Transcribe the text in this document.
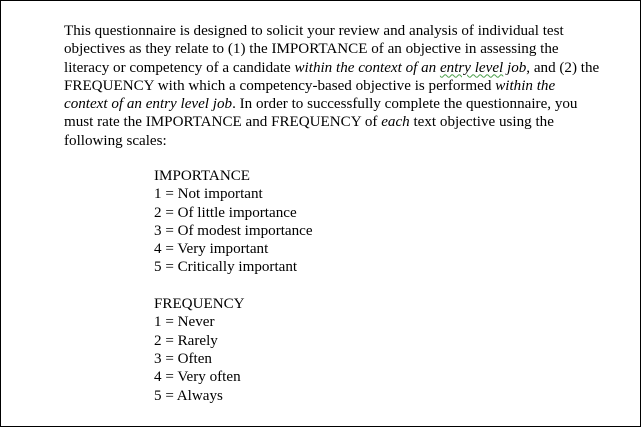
This questionnaire is designed to solicit your review and analysis of individual test
objectives as they relate to (1) the IMPORTANCE of an objective in assessing the
literacy or competency of a candidate within the context of an entry level job, and (2) the
FREQUENCY with which a competency-based objective is performed within the
context of an entry level job. In order to successfully complete the questionnaire, you
must rate the IMPORTANCE and FREQUENCY of each text objective using the
following scales:

IMPORTANCE
1 = Not important
2 = Of little importance
3 = Of modest importance
4 = Very important
5 = Critically important
FREQUENCY
1 = Never
2 = Rarely
3 = Often
4 = Very often
5 = Always
